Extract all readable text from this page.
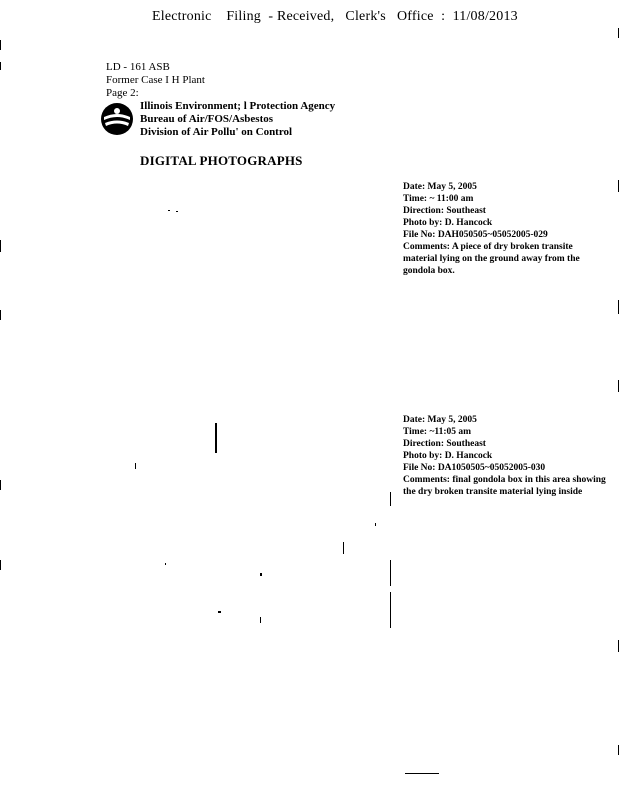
Electronic    Filing  - Received,   Clerk's   Office  :  11/08/2013
LD - 161 ASB
Former Case I H Plant
Page 2:
Illinois Environment; l Protection Agency
Bureau of Air/FOS/Asbestos
Division of Air Pollu' on Control
DIGITAL PHOTOGRAPHS
Date: May 5, 2005
Time: ~ 11:00 am
Direction: Southeast
Photo by: D. Hancock
File No: DAH050505~05052005-029
Comments: A piece of dry broken transite material lying on the ground away from the gondola box.
Date: May 5, 2005
Time: ~11:05 am
Direction: Southeast
Photo by: D. Hancock
File No: DA1050505~05052005-030
Comments: final gondola box in this area showing the dry broken transite material lying inside
